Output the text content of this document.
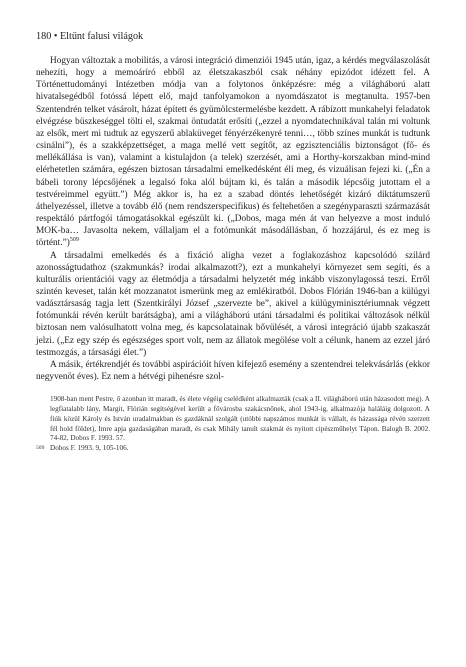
180 • Eltűnt falusi világok

Hogyan változtak a mobilitás, a városi integráció dimenziói 1945 után, igaz, a kérdés megválaszolását nehezíti, hogy a memoáríró ebből az életszakaszból csak néhány epizódot idézett fel. A Történettudományi Intézetben módja van a folytonos önképzésre: még a világháború alatt hivatalsegédből fotóssá lépett elő, majd tanfolyamokon a nyomdászatot is megtanulta. 1957-ben Szentendrén telket vásárolt, házat épített és gyümölcstermelésbe kezdett. A rábízott munkahelyi feladatok elvégzése büszkeséggel tölti el, szakmai öntudatát erősíti („ezzel a nyomdatechnikával talán mi voltunk az elsők, mert mi tudtuk az egyszerű ablaküveget fényérzékenyré tenni…, több színes munkát is tudtunk csinálni”), és a szakképzettséget, a maga mellé vett segítőt, az egzisztenciális biztonságot (fő- és mellékállása is van), valamint a kistulajdon (a telek) szerzését, ami a Horthy-korszakban mind-mind elérhetetlen számára, egészen biztosan társadalmi emelkedésként éli meg, és vizuálisan fejezi ki. („Én a bábeli torony lépcsőjének a legalsó foka alól bújtam ki, és talán a második lépcsőig jutottam el a testvéreimmel együtt.”) Még akkor is, ha ez a szabad döntés lehetőségét kizáró diktátumszerű áthelyezéssel, illetve a tovább élő (nem rendszerspecifikus) és feltehetően a szegényparaszti származását respektáló pártfogói támogatásokkal egészült ki. („Dobos, maga mén át van helyezve a most induló MOK-ba… Javasolta nekem, vállaljam el a fotómunkát másodállásban, ő hozzájárul, és ez meg is történt.”)$^{509}$

A társadalmi emelkedés és a fixáció aligha vezet a foglakozáshoz kapcsolódó szilárd azonosságtudathoz (szakmunkás? irodai alkalmazott?), ezt a munkahelyi környezet sem segíti, és a kulturális orientációi vagy az életmódja a társadalmi helyzetét még inkább viszonylagossá teszi. Erről szintén keveset, talán két mozzanatot ismerünk meg az emlékiratból. Dobos Flórián 1946-ban a külügyi vadásztársaság tagja lett (Szentkirályi József „szervezte be”, akivel a külügyminisztériumnak végzett fotómunkái révén került barátságba), ami a világháború utáni társadalmi és politikai változások nélkül biztosan nem valósulhatott volna meg, és kapcsolatainak bővülését, a városi integráció újabb szakaszát jelzi. („Ez egy szép és egészséges sport volt, nem az állatok megölése volt a célunk, hanem az ezzel járó testmozgás, a társasági élet.”)

A másik, értékrendjét és további aspirációit híven kifejező esemény a szentendrei telekvásárlás (ekkor negyvenöt éves). Ez nem a hétvégi pihenésre szol-

1908-ban ment Pestre, ő azonban itt maradt, és élete végéig cselédként alkalmazták (csak a II. világháború után házasodott meg). A legfiatalabb lány, Margit, Flórián segítségével került a fővárosba szakácsnőnek, ahol 1943-ig, alkalmazója haláláig dolgozott. A fiúk közül Károly és István uradalmakban és gazdáknál szolgált (utóbbi napszámos munkát is vállalt, és házassága révén szerzett fél hold földet), Imre apja gazdaságában maradt, és csak Mihály tanult szakmát és nyitott cipészműhelyt Tápon. Balogh B. 2002. 74-82, Dobos F. 1993. 57.

509 Dobos F. 1993. 9, 105-106.
